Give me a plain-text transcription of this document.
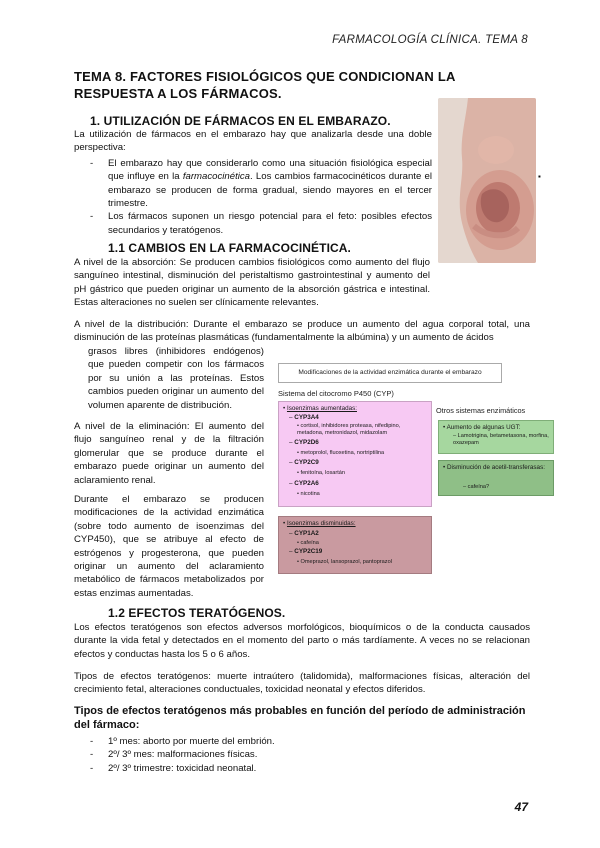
FARMACOLOGÍA CLÍNICA. TEMA 8
TEMA 8. FACTORES FISIOLÓGICOS QUE CONDICIONAN LA RESPUESTA A LOS FÁRMACOS.
1. UTILIZACIÓN DE FÁRMACOS EN EL EMBARAZO.

La utilización de fármacos en el embarazo hay que analizarla desde una doble perspectiva:

- El embarazo hay que considerarlo como una situación fisiológica especial que influye en la farmacocinética. Los cambios farmacocinéticos durante el embarazo se producen de forma gradual, siendo mayores en el tercer trimestre.
- Los fármacos suponen un riesgo potencial para el feto: posibles efectos secundarios y teratógenos.
▪
1.1 CAMBIOS EN LA FARMACOCINÉTICA.

A nivel de la absorción: Se producen cambios fisiológicos como aumento del flujo sanguíneo intestinal, disminución del peristaltismo gastrointestinal y aumento del pH gástrico que pueden originar un aumento de la absorción gástrica e intestinal. Estas alteraciones no suelen ser clínicamente relevantes.

A nivel de la distribución: Durante el embarazo se produce un aumento del agua corporal total, una disminución de las proteínas plasmáticas (fundamentalmente la albúmina) y un aumento de ácidos

grasos libres (inhibidores endógenos) que pueden competir con los fármacos por su unión a las proteínas. Estos cambios pueden originar un aumento del volumen aparente de distribución.

A nivel de la eliminación: El aumento del flujo sanguíneo renal y de la filtración glomerular que se produce durante el embarazo puede originar un aumento del aclaramiento renal.

Durante el embarazo se producen modificaciones de la actividad enzimática (sobre todo aumento de isoenzimas del CYP450), que se atribuye al efecto de estrógenos y progesterona, que pueden originar un aumento del aclaramiento metabólico de fármacos metabolizados por estas enzimas aumentadas.

Modificaciones de la actividad enzimática durante el embarazo
Sistema del citocromo P450 (CYP)
• Isoenzimas aumentadas:
– CYP3A4
• cortisol, inhibidores proteasa, nifedipino, metadona, metronidazol, midazolam
– CYP2D6
• metoprolol, fluoxetina, nortriptilina
– CYP2C9
• fenitoína, losartán
– CYP2A6
• nicotina
• Isoenzimas disminuidas:
– CYP1A2
• cafeína
– CYP2C19
• Omeprazol, lansoprazol, pantoprazol
Otros sistemas enzimáticos
• Aumento de algunas UGT:
– Lamotrigina, betametasona, morfina, oxazepam
• Disminución de acetil-transferasas:
– cafeína?
1.2 EFECTOS TERATÓGENOS.

Los efectos teratógenos son efectos adversos morfológicos, bioquímicos o de la conducta causados durante la vida fetal y detectados en el momento del parto o más tardíamente. A veces no se relacionan efectos y conductas hasta los 5 o 6 años.

Tipos de efectos teratógenos: muerte intraútero (talidomida), malformaciones físicas, alteración del crecimiento fetal, alteraciones conductuales, toxicidad neonatal y efectos diferidos.

Tipos de efectos teratógenos más probables en función del período de administración del fármaco:
- 1º mes: aborto por muerte del embrión.
- 2º/ 3º mes: malformaciones físicas.
- 2º/ 3º trimestre: toxicidad neonatal.
47
